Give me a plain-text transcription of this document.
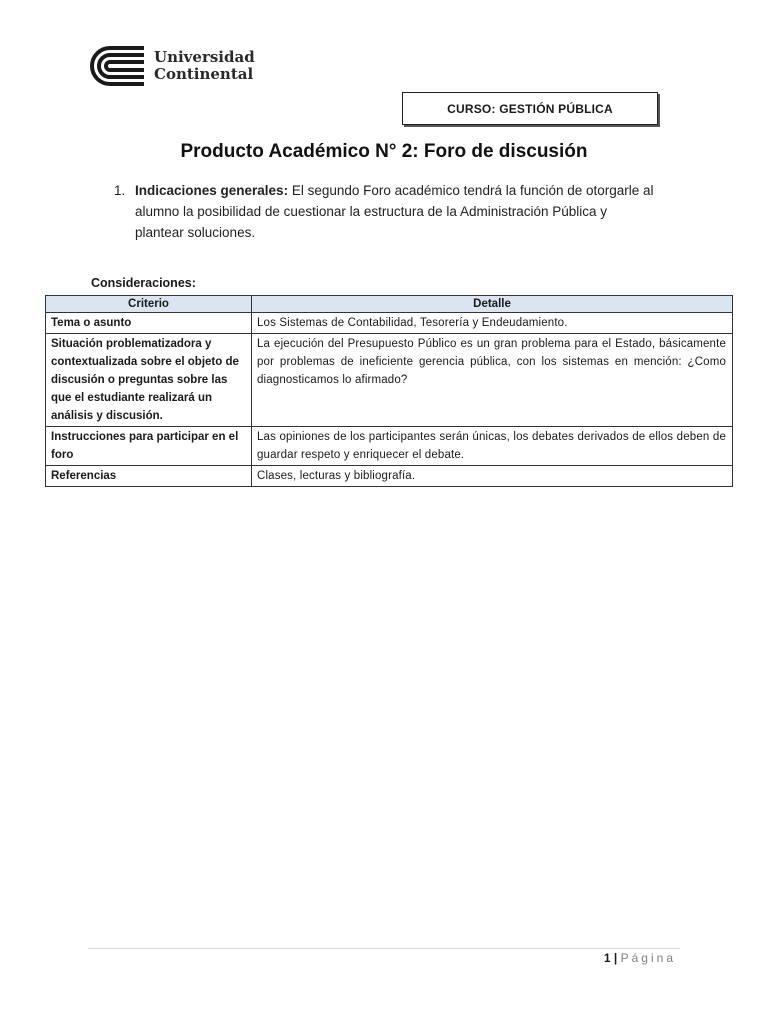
Universidad
Continental
CURSO: GESTIÓN PÚBLICA
Producto Académico N° 2: Foro de discusión
1. Indicaciones generales: El segundo Foro académico tendrá la función de otorgarle al alumno la posibilidad de cuestionar la estructura de la Administración Pública y plantear soluciones.
Consideraciones:
Criterio	Detalle
Tema o asunto	Los Sistemas de Contabilidad, Tesorería y Endeudamiento.
Situación problematizadora y contextualizada sobre el objeto de discusión o preguntas sobre las que el estudiante realizará un análisis y discusión.	La ejecución del Presupuesto Público es un gran problema para el Estado, básicamente por problemas de ineficiente gerencia pública, con los sistemas en mención: ¿Como diagnosticamos lo afirmado?
Instrucciones para participar en el foro	Las opiniones de los participantes serán únicas, los debates derivados de ellos deben de guardar respeto y enriquecer el debate.
Referencias	Clases, lecturas y bibliografía.
1 | Página
